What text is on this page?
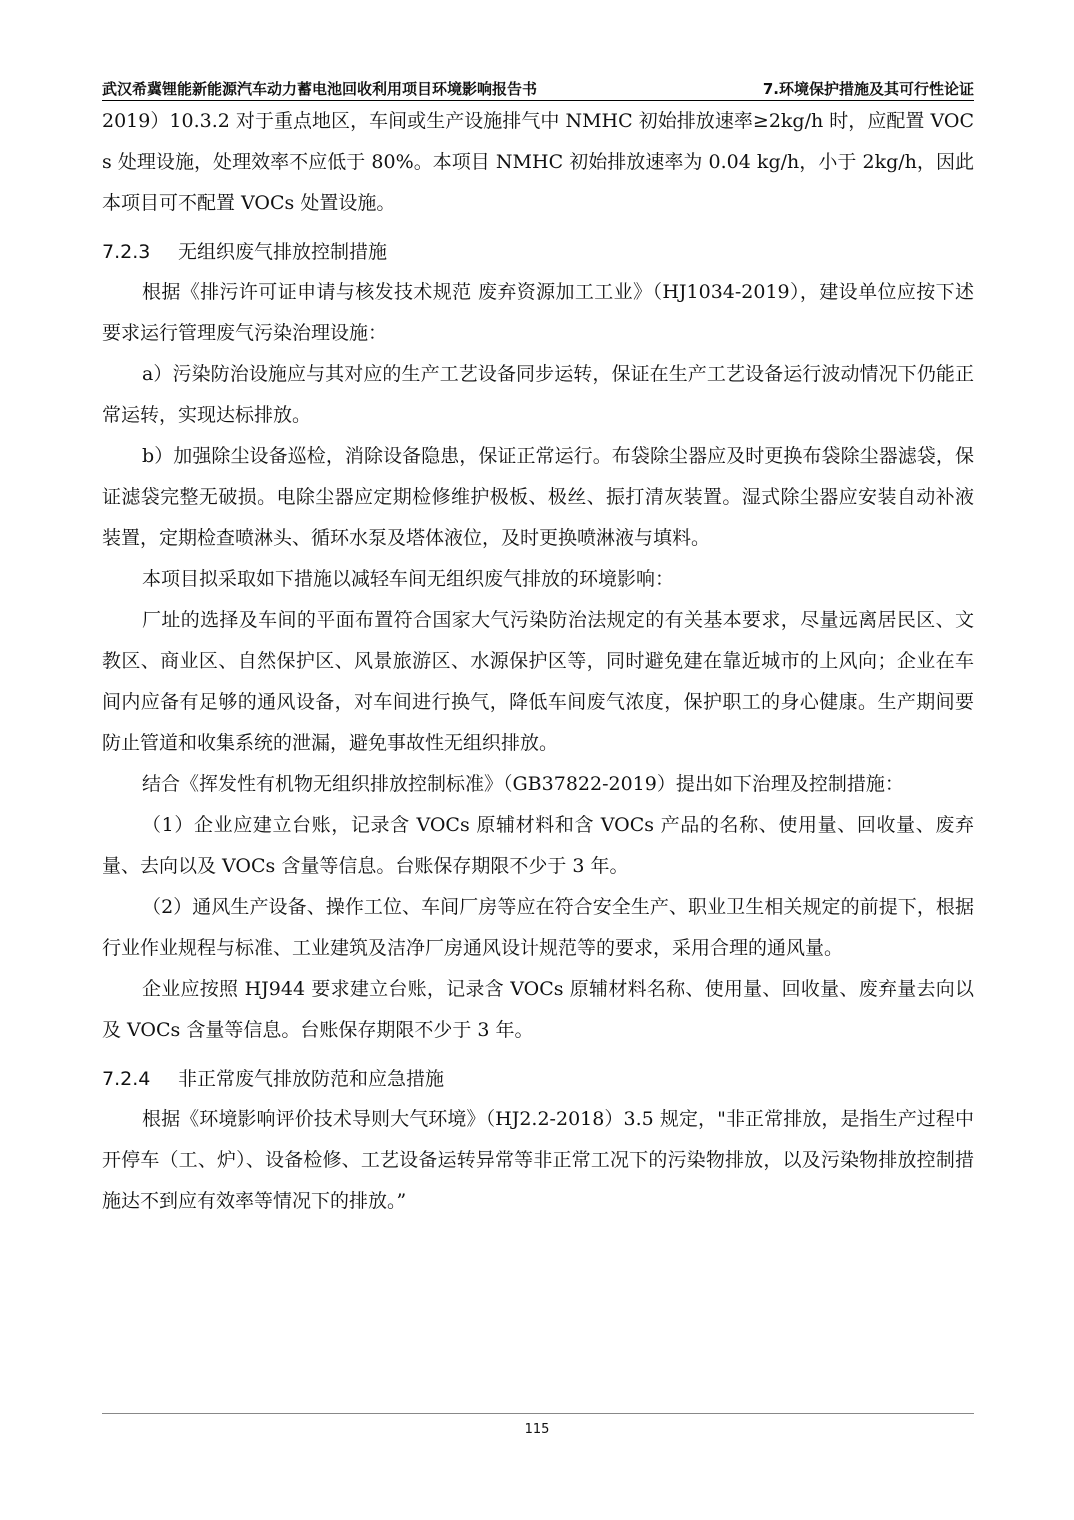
武汉希冀锂能新能源汽车动力蓄电池回收利用项目环境影响报告书	7.环境保护措施及其可行性论证

2019）10.3.2 对于重点地区，车间或生产设施排气中 NMHC 初始排放速率≥2kg/h 时，应配置 VOCs 处理设施，处理效率不应低于 80%。本项目 NMHC 初始排放速率为 0.04 kg/h，小于 2kg/h，因此本项目可不配置 VOCs 处置设施。

7.2.3 无组织废气排放控制措施

根据《排污许可证申请与核发技术规范 废弃资源加工工业》（HJ1034-2019），建设单位应按下述要求运行管理废气污染治理设施：

a）污染防治设施应与其对应的生产工艺设备同步运转，保证在生产工艺设备运行波动情况下仍能正常运转，实现达标排放。

b）加强除尘设备巡检，消除设备隐患，保证正常运行。布袋除尘器应及时更换布袋除尘器滤袋，保证滤袋完整无破损。电除尘器应定期检修维护极板、极丝、振打清灰装置。湿式除尘器应安装自动补液装置，定期检查喷淋头、循环水泵及塔体液位，及时更换喷淋液与填料。

本项目拟采取如下措施以减轻车间无组织废气排放的环境影响：

厂址的选择及车间的平面布置符合国家大气污染防治法规定的有关基本要求，尽量远离居民区、文教区、商业区、自然保护区、风景旅游区、水源保护区等，同时避免建在靠近城市的上风向；企业在车间内应备有足够的通风设备，对车间进行换气，降低车间废气浓度，保护职工的身心健康。生产期间要防止管道和收集系统的泄漏，避免事故性无组织排放。

结合《挥发性有机物无组织排放控制标准》（GB37822-2019）提出如下治理及控制措施：

（1）企业应建立台账，记录含 VOCs 原辅材料和含 VOCs 产品的名称、使用量、回收量、废弃量、去向以及 VOCs 含量等信息。台账保存期限不少于 3 年。

（2）通风生产设备、操作工位、车间厂房等应在符合安全生产、职业卫生相关规定的前提下，根据行业作业规程与标准、工业建筑及洁净厂房通风设计规范等的要求，采用合理的通风量。

企业应按照 HJ944 要求建立台账，记录含 VOCs 原辅材料名称、使用量、回收量、废弃量去向以及 VOCs 含量等信息。台账保存期限不少于 3 年。

7.2.4 非正常废气排放防范和应急措施

根据《环境影响评价技术导则大气环境》（HJ2.2-2018）3.5 规定，"非正常排放，是指生产过程中开停车（工、炉）、设备检修、工艺设备运转异常等非正常工况下的污染物排放，以及污染物排放控制措施达不到应有效率等情况下的排放。”

115
